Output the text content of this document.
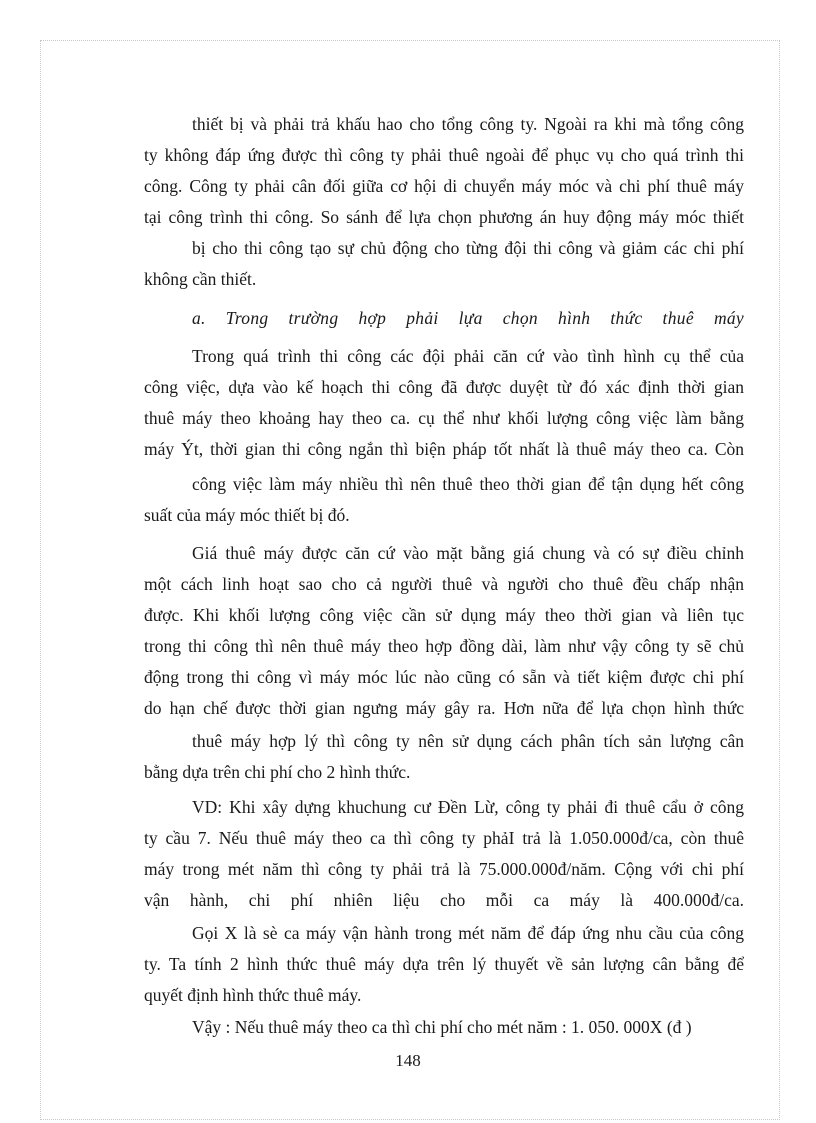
thiết bị và phải trả khấu hao cho tổng công ty. Ngoài ra khi mà tổng công
ty không đáp ứng được thì công ty phải thuê ngoài để phục vụ cho quá trình thi
công. Công ty phải cân đối giữa cơ hội di chuyển máy móc và chi phí thuê máy
tại công trình thi công. So sánh để lựa chọn phương án huy động máy móc thiết
bị cho thi công tạo sự chủ động cho từng đội thi công và giảm các chi phí
không cần thiết.
a. Trong trường hợp phải lựa chọn hình thức thuê máy
Trong quá trình thi công các đội phải căn cứ vào tình hình cụ thể của
công việc, dựa vào kế hoạch thi công đã được duyệt từ đó xác định thời gian
thuê máy theo khoảng hay theo ca. cụ thể như khối lượng công việc làm bằng
máy Ýt, thời gian thi công ngắn thì biện pháp tốt nhất là thuê máy theo ca. Còn
công việc làm máy nhiều thì nên thuê theo thời gian để tận dụng hết công
suất của máy móc thiết bị đó.
Giá thuê máy được căn cứ vào mặt bằng giá chung và có sự điều chỉnh
một cách linh hoạt sao cho cả người thuê và người cho thuê đều chấp nhận
được. Khi khối lượng công việc cần sử dụng máy theo thời gian và liên tục
trong thi công thì nên thuê máy theo hợp đồng dài, làm như vậy công ty sẽ chủ
động trong thi công vì máy móc lúc nào cũng có sẵn và tiết kiệm được chi phí
do hạn chế được thời gian ngưng máy gây ra. Hơn nữa để lựa chọn hình thức
thuê máy hợp lý thì công ty nên sử dụng cách phân tích sản lượng cân
bằng dựa trên chi phí cho 2 hình thức.
VD: Khi xây dựng khuchung cư Đền Lừ, công ty phải đi thuê cẩu ở công
ty cầu 7. Nếu thuê máy theo ca thì công ty phảI trả là 1.050.000đ/ca, còn thuê
máy trong mét năm thì công ty phải trả là 75.000.000đ/năm. Cộng với chi phí
vận hành, chi phí nhiên liệu cho mỗi ca máy là 400.000đ/ca.
Gọi X là sè ca máy vận hành trong mét năm để đáp ứng nhu cầu của công
ty. Ta tính 2 hình thức thuê máy dựa trên lý thuyết về sản lượng cân bằng để
quyết định hình thức thuê máy.
Vậy : Nếu thuê máy theo ca thì chi phí cho mét năm : 1. 050. 000X (đ )
148
